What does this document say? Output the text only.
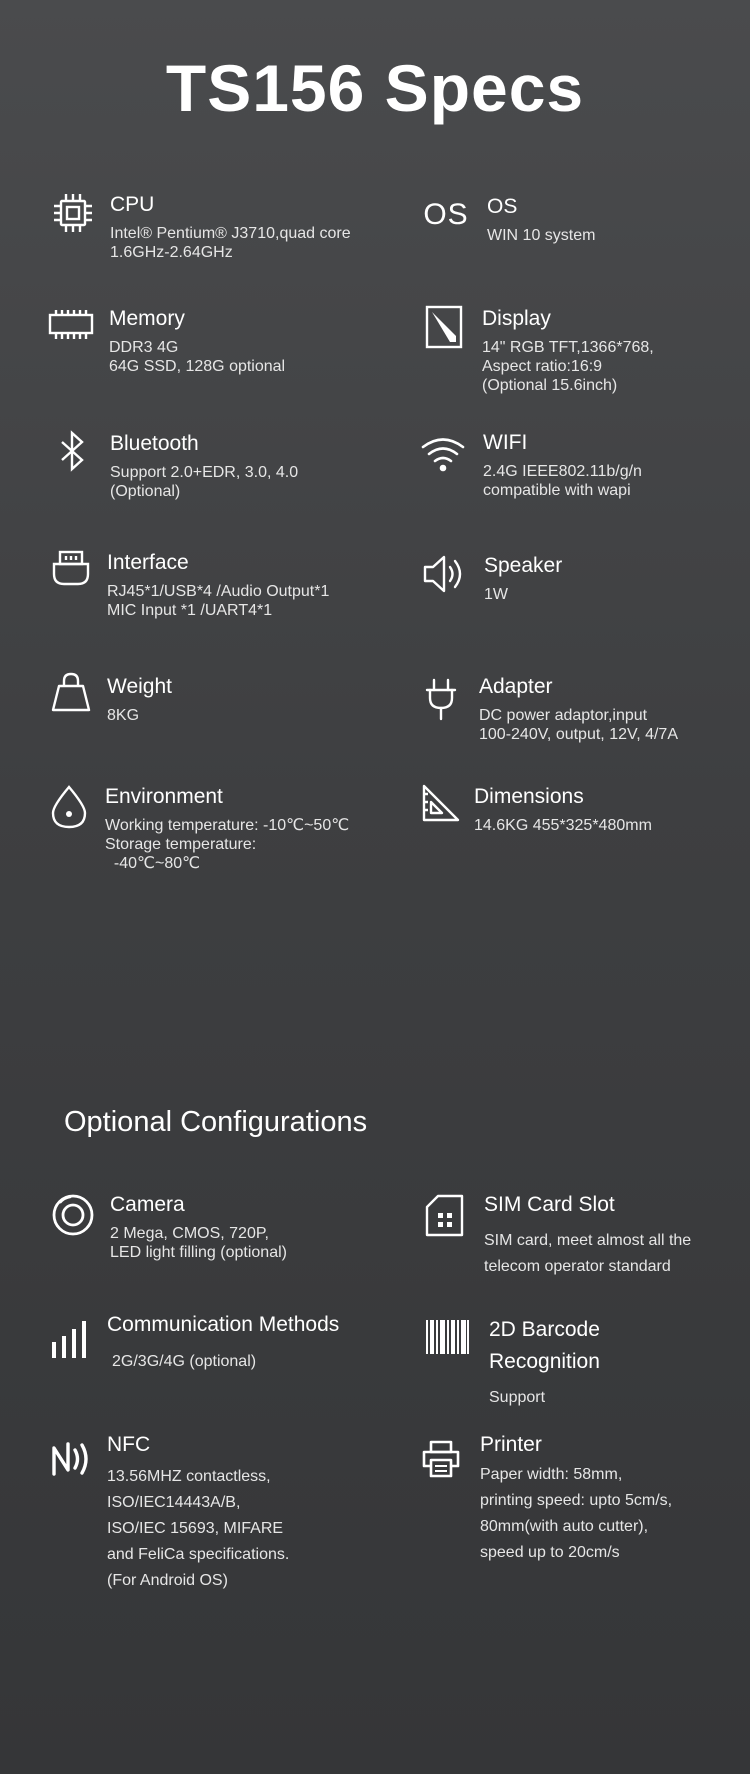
TS156 Specs
CPU
Intel® Pentium® J3710,quad core
1.6GHz-2.64GHz
OS OS
WIN 10 system
Memory
DDR3 4G
64G SSD, 128G optional
Display
14" RGB TFT,1366*768,
Aspect ratio:16:9
(Optional 15.6inch)
Bluetooth
Support 2.0+EDR, 3.0, 4.0
(Optional)
WIFI
2.4G IEEE802.11b/g/n
compatible with wapi
Interface
RJ45*1/USB*4 /Audio Output*1
MIC Input *1 /UART4*1
Speaker
1W
Weight
8KG
Adapter
DC power adaptor,input
100-240V, output, 12V, 4/7A
Environment
Working temperature: -10℃~50℃
Storage temperature:
-40℃~80℃
Dimensions
14.6KG 455*325*480mm
Optional Configurations
Camera
2 Mega, CMOS, 720P,
LED light filling (optional)
SIM Card Slot
SIM card, meet almost all the
telecom operator standard
Communication Methods
2G/3G/4G (optional)
2D Barcode
Recognition
Support
NFC
13.56MHZ contactless,
ISO/IEC14443A/B,
ISO/IEC 15693, MIFARE
and FeliCa specifications.
(For Android OS)
Printer
Paper width: 58mm,
printing speed: upto 5cm/s,
80mm(with auto cutter),
speed up to 20cm/s
